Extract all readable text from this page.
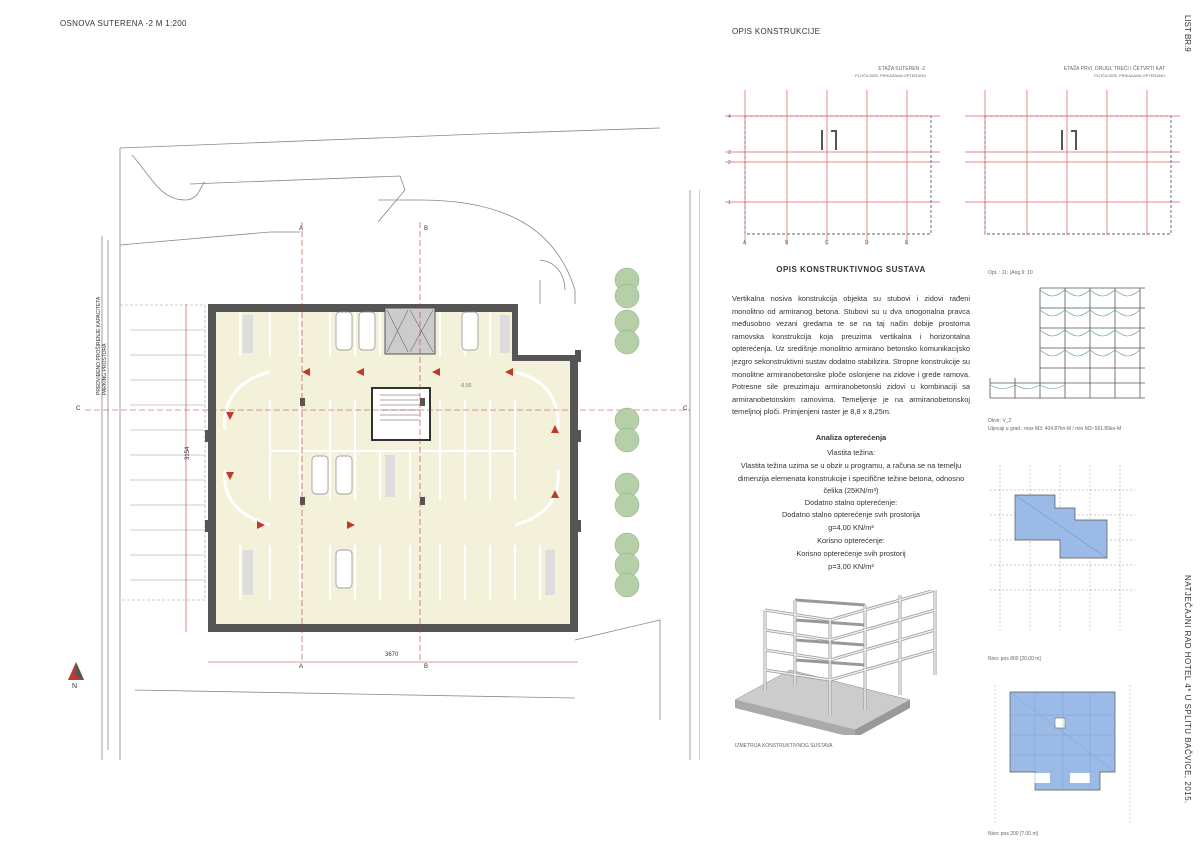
OSNOVA SUTERENA -2 M 1:200
A	B
A	B
C	C
3670
3154
N
PREDVIĐENO PROŠIRENJE KAPACITETA PARKING PROSTORA	-6,50
OPIS KONSTRUKCIJE
ETAŽA SUTEREN -2
PLOČA DEB. PRIKAZANA OPTERANO
ETAŽA PRVI, DRUGI, TREĆI I ČETVRTI KAT
PLOČA DEB. PRIKAZANA OPTERANO
A	B	C	D	E
1
2
3
4
OPIS KONSTRUKTIVNOG SUSTAVA
Vertikalna nosiva konstrukcija objekta su stubovi i zidovi rađeni monolitno od armiranog betona. Stubovi su u dva ortogonalna pravca međusobno vezani gredama te se na taj način dobije prostorna ramovska konstrukcija koja preuzima vertikalna i horizontalna opterećenja. Uz središnje monolitno armirano betonsko komunikacijsko jezgro sekonstruktivni sustav dodatno stabilizira. Stropne konstrukcije su monolitne armiranobetonske ploče oslonjene na zidove i grede ramova. Potresne sile preuzimaju armiranobetonski zidovi u kombinaciji sa armiranobetonskim ramovima. Temeljenje je na armiranobetonskoj temeljnoj ploči. Primjenjeni raster je 8,8 x 8,25m.
Analiza opterećenja
Vlastita težina:
Vlastita težina uzima se u obzir u programu, a računa se na temelju dimenzija elemenata konstrukcije i specifične težine betona, odnosno čelika (25KN/m³)
Dodatno stalno opterećenje:
Dodatno stalno opterećenje svih prostorija
g=4,00 KN/m²
Korisno opterećenje:
Korisno opterećenje svih prostorij
p=3,00 KN/m²
Opt. : 11: (Ang 9: 10
Okvir: V_2
Utjecaji u grad.: max M3: 404.87kn-M / min M3:-561.85kn-M
IZMETRIJA KONSTRUKTIVNOG SUSTAVA
Nivo: pos 800 [20.00 m]
Nivo: pos 200 [7.00 m]
LIST BR.9
NATJEČAJNI RAD HOTEL 4* U SPLITU BAČVICE, 2015.
